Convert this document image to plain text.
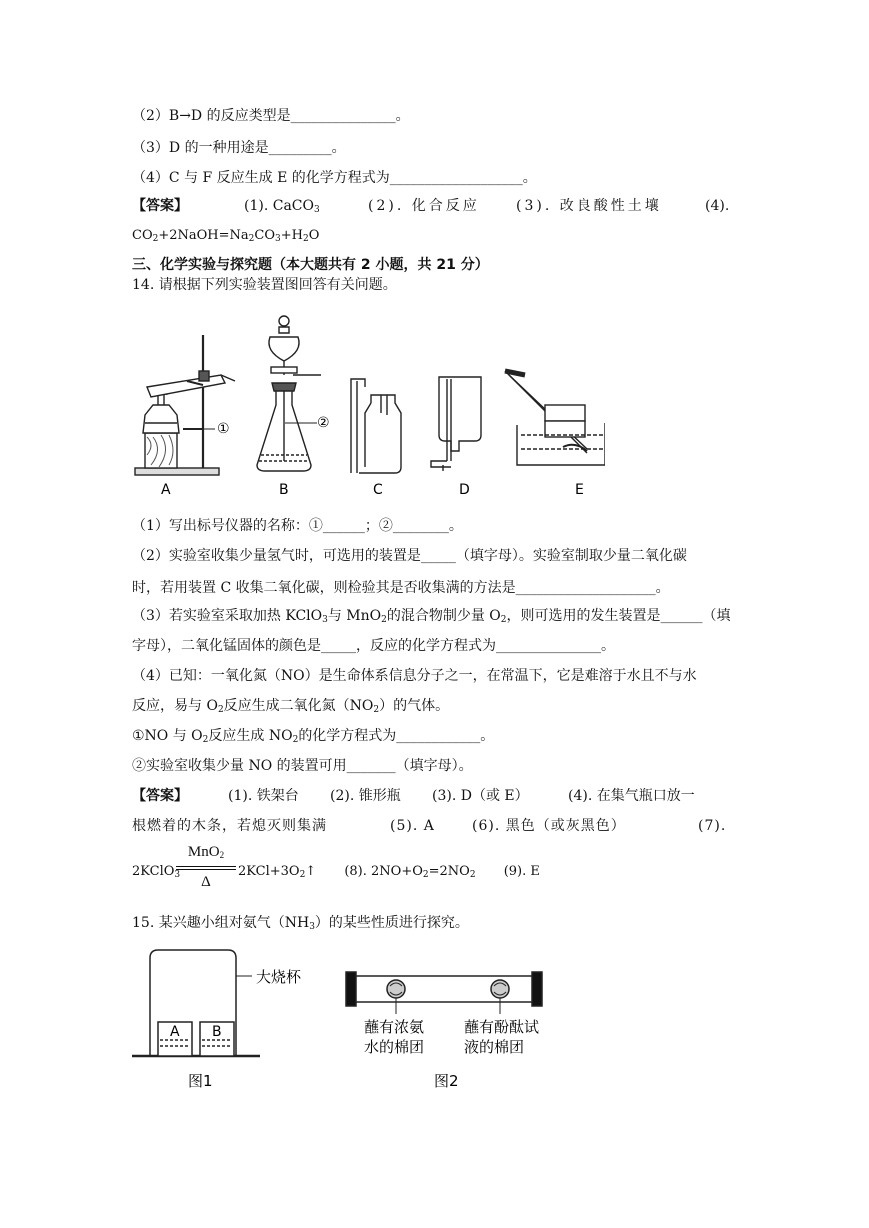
（2）B→D 的反应类型是_______________。
（3）D 的一种用途是_________。
（4）C 与 F 反应生成 E 的化学方程式为___________________。
【答案】	(1). CaCO$_3$	(2). 化合反应	(3). 改良酸性土壤	(4).
$CO_2+2NaOH=Na_2CO_3+H_2O$
三、化学实验与探究题（本大题共有 2 小题，共 21 分）
14. 请根据下列实验装置图回答有关问题。
①	②
A	B	C	D	E
（1）写出标号仪器的名称：①______；②________。
（2）实验室收集少量氢气时，可选用的装置是_____（填字母）。实验室制取少量二氧化碳
时，若用装置 C 收集二氧化碳，则检验其是否收集满的方法是____________________。
（3）若实验室采取加热 KClO$_3$与 MnO$_2$的混合物制少量 $O_2$，则可选用的发生装置是______（填
字母），二氧化锰固体的颜色是_____，反应的化学方程式为_______________。
（4）已知：一氧化氮（NO）是生命体系信息分子之一，在常温下，它是难溶于水且不与水
反应，易与 $O_2$反应生成二氧化氮$(NO_2)$的气体。
①NO 与 $O_2$反应生成 $NO_2$的化学方程式为____________。
②实验室收集少量 NO 的装置可用_______（填字母）。
【答案】	(1). 铁架台 (2). 锥形瓶 (3). D（或 E）	(4). 在集气瓶口放一
根燃着的木条，若熄灭则集满	(5). A	(6). 黑色（或灰黑色）	(7).
2KClO$_3$
MnO$_2$
Δ
$2KCl+3O_2↑$ (8). $2NO+O_2=2NO_2$ (9). E
15. 某兴趣小组对氨气$(NH_3)$的某些性质进行探究。
A B
大烧杯
图1
蘸有浓氨
水的棉团
蘸有酚酞试
液的棉团
图2
